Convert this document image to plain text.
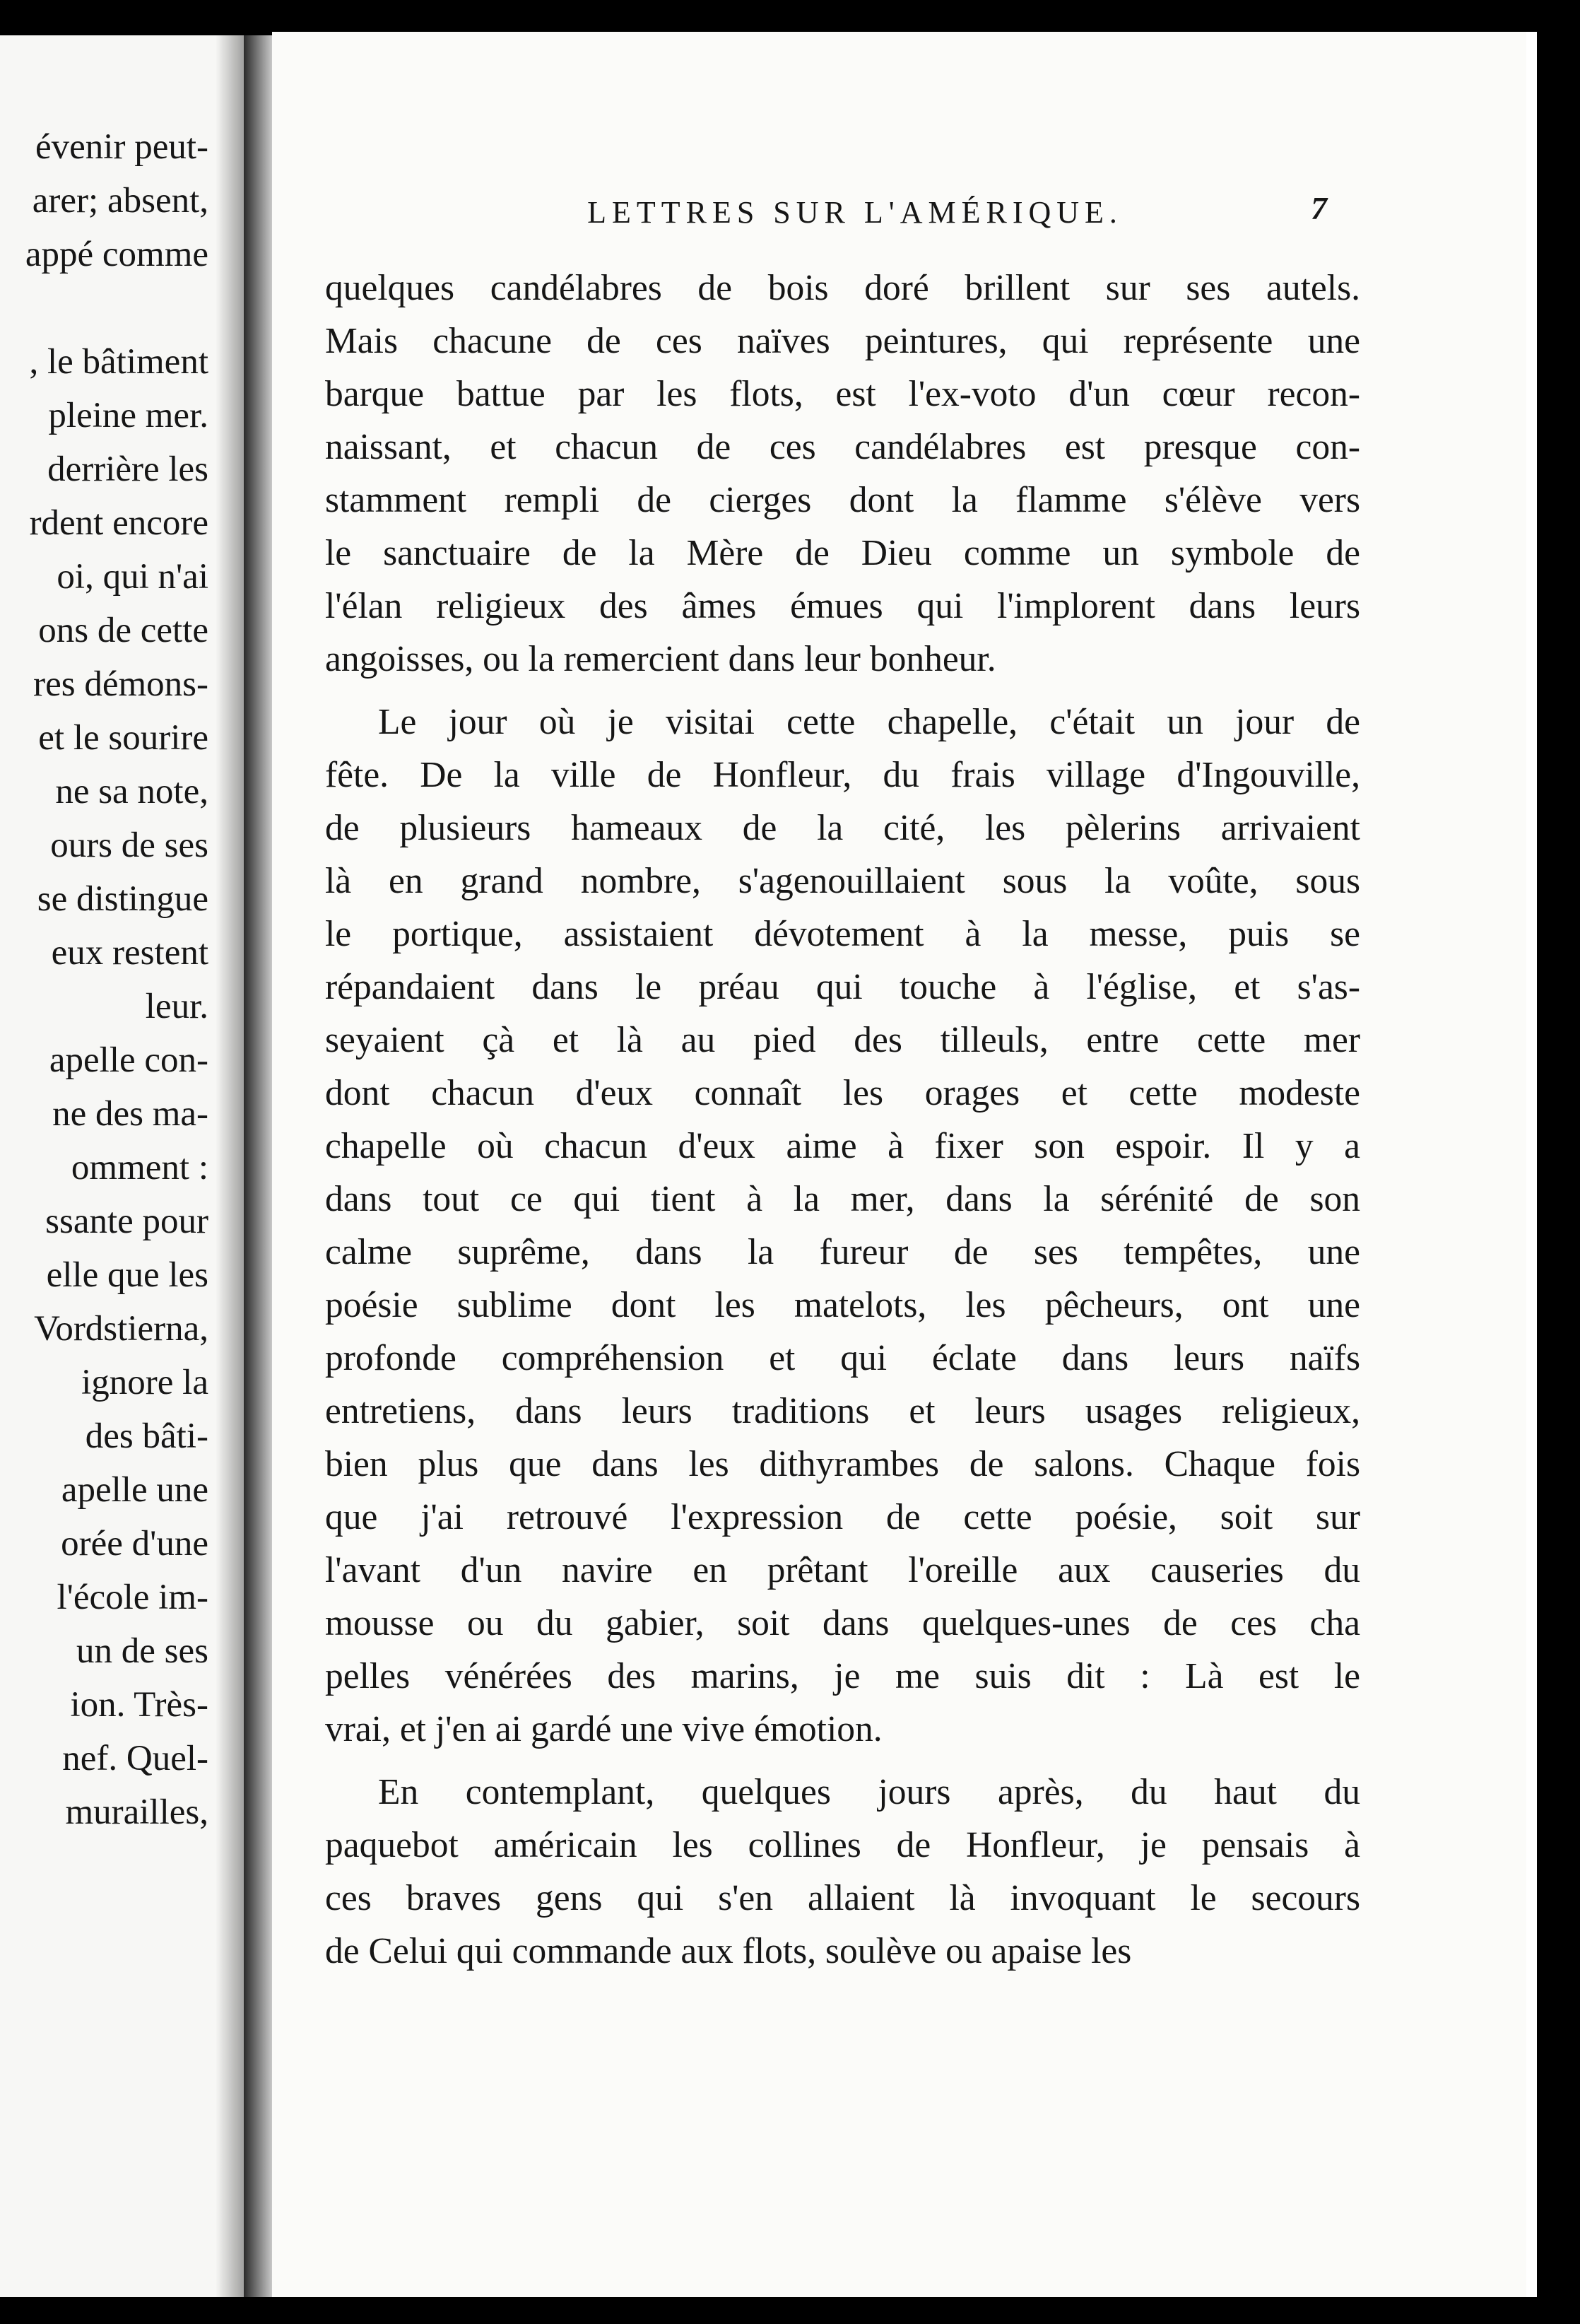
évenir peut-
arer; absent,
appé comme
, le bâtiment
pleine mer.
derrière les
rdent encore
oi, qui n'ai
ons de cette
res démons-
et le sourire
ne sa note,
ours de ses
se distingue
eux restent
leur.
apelle con-
ne des ma-
omment :
ssante pour
elle que les
Vordstierna,
ignore la
des bâti-
apelle une
orée d'une
l'école im-
un de ses
ion. Très-
nef. Quel-
murailles,
LETTRES SUR L'AMÉRIQUE.	7

quelques candélabres de bois doré brillent sur ses autels.

Mais chacune de ces naïves peintures, qui représente une

barque battue par les flots, est l'ex-voto d'un cœur recon-

naissant, et chacun de ces candélabres est presque con-

stamment rempli de cierges dont la flamme s'élève vers

le sanctuaire de la Mère de Dieu comme un symbole de

l'élan religieux des âmes émues qui l'implorent dans leurs

angoisses, ou la remercient dans leur bonheur.

Le jour où je visitai cette chapelle, c'était un jour de

fête. De la ville de Honfleur, du frais village d'Ingouville,

de plusieurs hameaux de la cité, les pèlerins arrivaient

là en grand nombre, s'agenouillaient sous la voûte, sous

le portique, assistaient dévotement à la messe, puis se

répandaient dans le préau qui touche à l'église, et s'as-

seyaient çà et là au pied des tilleuls, entre cette mer

dont chacun d'eux connaît les orages et cette modeste

chapelle où chacun d'eux aime à fixer son espoir. Il y a

dans tout ce qui tient à la mer, dans la sérénité de son

calme suprême, dans la fureur de ses tempêtes, une

poésie sublime dont les matelots, les pêcheurs, ont une

profonde compréhension et qui éclate dans leurs naïfs

entretiens, dans leurs traditions et leurs usages religieux,

bien plus que dans les dithyrambes de salons. Chaque fois

que j'ai retrouvé l'expression de cette poésie, soit sur

l'avant d'un navire en prêtant l'oreille aux causeries du

mousse ou du gabier, soit dans quelques-unes de ces cha

pelles vénérées des marins, je me suis dit : Là est le

vrai, et j'en ai gardé une vive émotion.

En contemplant, quelques jours après, du haut du

paquebot américain les collines de Honfleur, je pensais à

ces braves gens qui s'en allaient là invoquant le secours

de Celui qui commande aux flots, soulève ou apaise les
